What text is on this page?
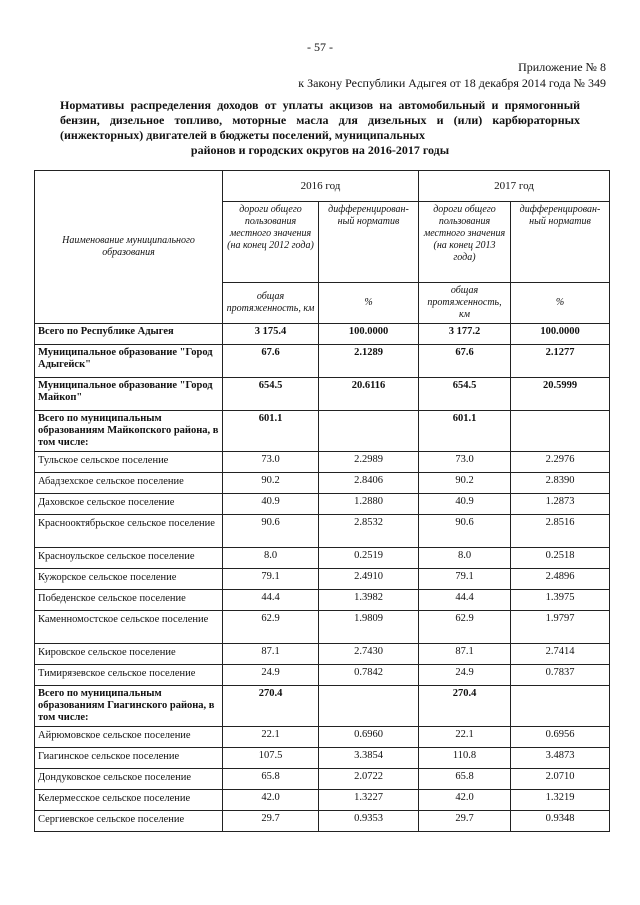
- 57 -
Приложение № 8
к Закону Республики Адыгея от 18 декабря 2014 года № 349
Нормативы распределения доходов от уплаты акцизов на автомобильный и прямогонный бензин, дизельное топливо, моторные масла для дизельных и (или) карбюраторных (инжекторных) двигателей в бюджеты поселений, муниципальных
районов и городских округов на 2016-2017 годы
Наименование муниципального образования	2016 год		2017 год	
	дороги общего пользования местного значения (на конец 2012 года)	дифференцирован- ный норматив	дороги общего пользования местного значения (на конец 2013 года)	дифференцирован- ный норматив
	общая протяженность, км	%	общая протяженность, км	%
Всего по Республике Адыгея	3 175.4	100.0000	3 177.2	100.0000
Муниципальное образование "Город Адыгейск"	67.6	2.1289	67.6	2.1277
Муниципальное образование "Город Майкоп"	654.5	20.6116	654.5	20.5999
Всего по муниципальным образованиям Майкопского района, в том числе:	601.1		601.1	
Тульское сельское поселение	73.0	2.2989	73.0	2.2976
Абадзехское сельское поселение	90.2	2.8406	90.2	2.8390
Даховское сельское поселение	40.9	1.2880	40.9	1.2873
Краснооктябрьское сельское поселение	90.6	2.8532	90.6	2.8516
Красноульское сельское поселение	8.0	0.2519	8.0	0.2518
Кужорское сельское поселение	79.1	2.4910	79.1	2.4896
Победенское сельское поселение	44.4	1.3982	44.4	1.3975
Каменномостское сельское поселение	62.9	1.9809	62.9	1.9797
Кировское сельское поселение	87.1	2.7430	87.1	2.7414
Тимирязевское сельское поселение	24.9	0.7842	24.9	0.7837
Всего по муниципальным образованиям Гиагинского района, в том числе:	270.4		270.4	
Айрюмовское сельское поселение	22.1	0.6960	22.1	0.6956
Гиагинское сельское поселение	107.5	3.3854	110.8	3.4873
Дондуковское сельское поселение	65.8	2.0722	65.8	2.0710
Келермесское сельское поселение	42.0	1.3227	42.0	1.3219
Сергиевское сельское поселение	29.7	0.9353	29.7	0.9348
